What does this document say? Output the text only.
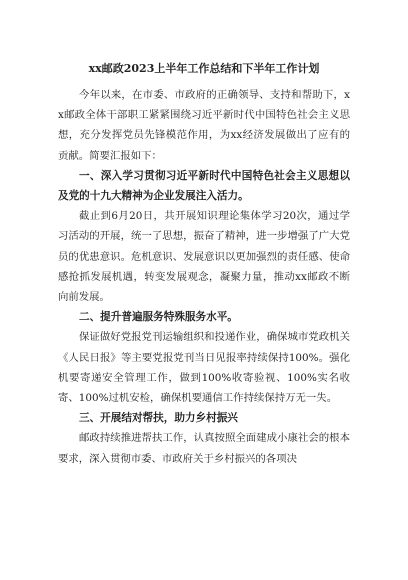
xx邮政2023上半年工作总结和下半年工作计划

今年以来，在市委、市政府的正确领导、支持和帮助下，xx邮政全体干部职工紧紧围绕习近平新时代中国特色社会主义思想，充分发挥党员先锋模范作用，为xx经济发展做出了应有的贡献。简要汇报如下：

一、深入学习贯彻习近平新时代中国特色社会主义思想以及党的十九大精神为企业发展注入活力。

截止到6月20日，共开展知识理论集体学习20次，通过学习活动的开展，统一了思想，振奋了精神，进一步增强了广大党员的优患意识。危机意识、发展意识以更加强烈的责任感、使命感抢抓发展机遇，转变发展观念，凝聚力量，推动xx邮政不断向前发展。

二、提升普遍服务特殊服务水平。

保证做好党报党刊运输组织和投递作业，确保城市党政机关《人民日报》等主要党报党刊当日见报率持续保持100%。强化机要寄递安全管理工作，做到100%收寄验视、100%实名收寄、100%过机安检，确保机要通信工作持续保持万无一失。

三、开展结对帮扶，助力乡村振兴

邮政持续推进帮扶工作，认真按照全面建成小康社会的根本要求，深入贯彻市委、市政府关于乡村振兴的各项决
